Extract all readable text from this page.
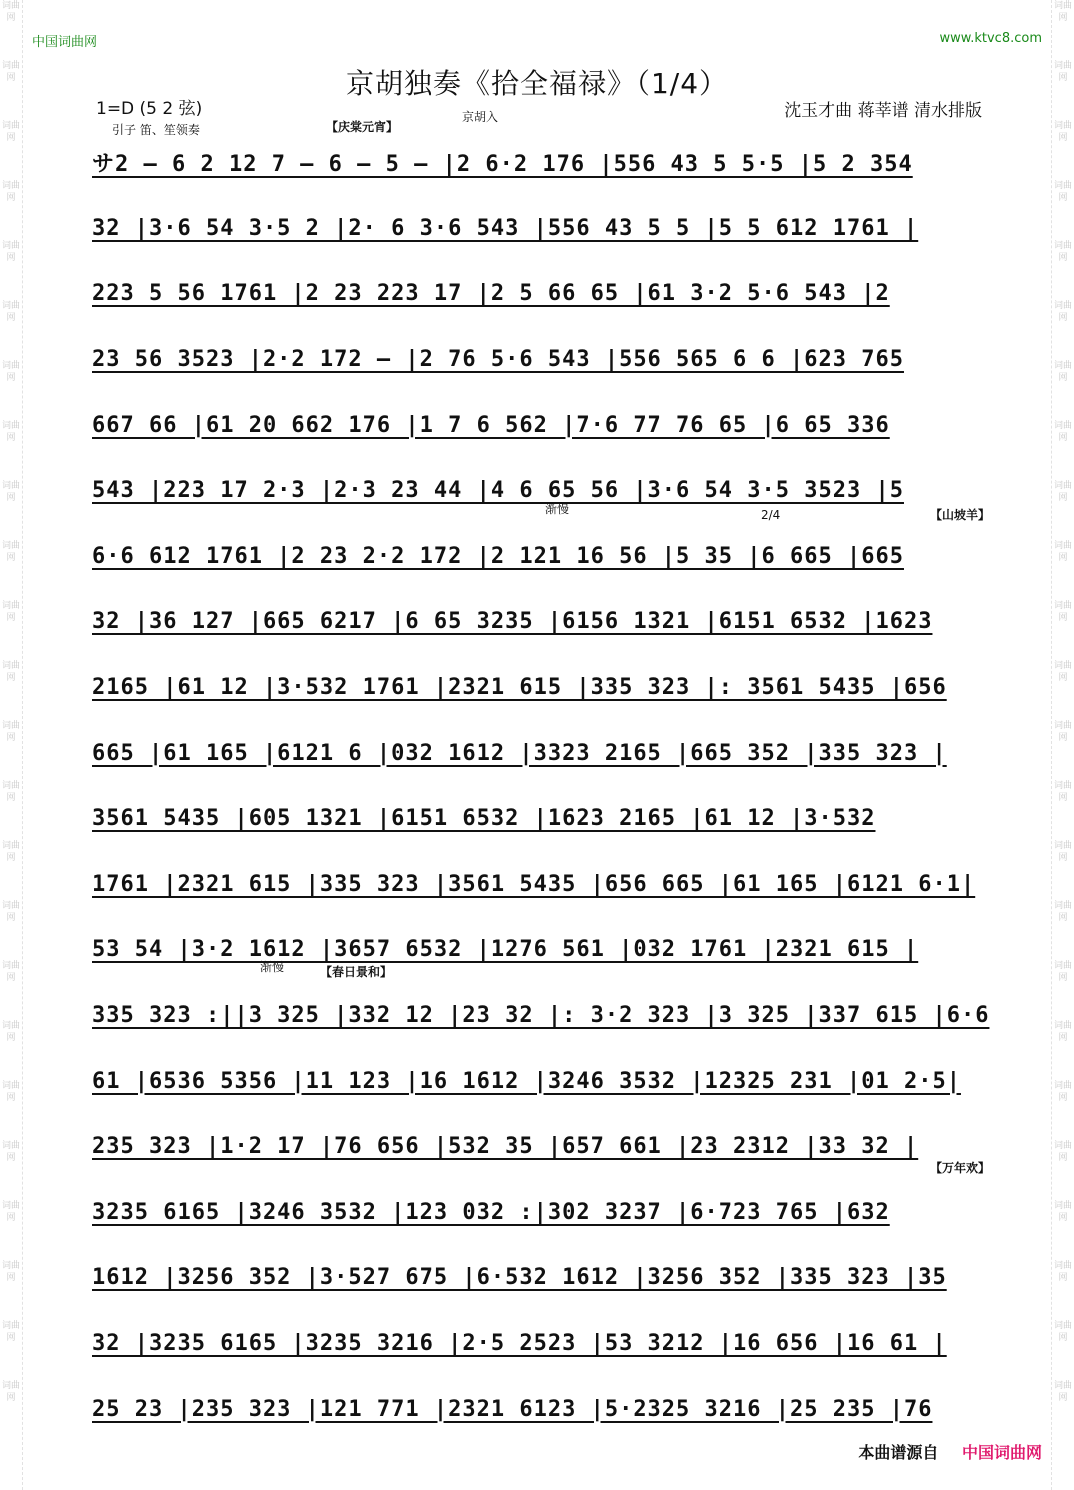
词曲网
词曲网
词曲网
词曲网
词曲网
词曲网
词曲网
词曲网
词曲网
词曲网
词曲网
词曲网
词曲网
词曲网
词曲网
词曲网
词曲网
词曲网
词曲网
词曲网
词曲网
词曲网
词曲网
词曲网
词曲网
词曲网
词曲网
词曲网
词曲网
词曲网
词曲网
词曲网
词曲网
词曲网
词曲网
词曲网
词曲网
词曲网
词曲网
词曲网
词曲网
词曲网
词曲网
词曲网
词曲网
词曲网
词曲网
词曲网
中国词曲网	www.ktvc8.com
京胡独奏《拾全福禄》（1/4）
1=D (5 2 弦)	沈玉才曲 蒋莘谱 清水排版
引子 笛、笙领奏
京胡入
【庆棠元宵】
【山坡羊】
【春日景和】
【万年欢】
渐慢
渐慢
2/4
サ2 – 6 2 12 7 – 6 – 5 – |2 6·2 176 |556 43 5 5·5 |5 2 354
32 |3·6 54 3·5 2 |2· 6 3·6 543 |556 43 5 5 |5 5 612 1761 |
223 5 56 1761 |2 23 223 17 |2 5 66 65 |61 3·2 5·6 543 |2
23 56 3523 |2·2 172 – |2 76 5·6 543 |556 565 6 6 |623 765
667 66 |61 20 662 176 |1 7 6 562 |7·6 77 76 65 |6 65 336
543 |223 17 2·3 |2·3 23 44 |4 6 65 56 |3·6 54 3·5 3523 |5
6·6 612 1761 |2 23 2·2 172 |2 121 16 56 |5 35 |6 665 |665
32 |36 127 |665 6217 |6 65 3235 |6156 1321 |6151 6532 |1623
2165 |61 12 |3·532 1761 |2321 615 |335 323 |: 3561 5435 |656
665 |61 165 |6121 6 |032 1612 |3323 2165 |665 352 |335 323 |
3561 5435 |605 1321 |6151 6532 |1623 2165 |61 12 |3·532
1761 |2321 615 |335 323 |3561 5435 |656 665 |61 165 |6121 6·1|
53 54 |3·2 1612 |3657 6532 |1276 561 |032 1761 |2321 615 |
335 323 :||3 325 |332 12 |23 32 |: 3·2 323 |3 325 |337 615 |6·6
61 |6536 5356 |11 123 |16 1612 |3246 3532 |12325 231 |01 2·5|
235 323 |1·2 17 |76 656 |532 35 |657 661 |23 2312 |33 32 |
3235 6165 |3246 3532 |123 032 :|302 3237 |6·723 765 |632
1612 |3256 352 |3·527 675 |6·532 1612 |3256 352 |335 323 |35
32 |3235 6165 |3235 3216 |2·5 2523 |53 3212 |16 656 |16 61 |
25 23 |235 323 |121 771 |2321 6123 |5·2325 3216 |25 235 |76
本曲谱源自 中国词曲网
